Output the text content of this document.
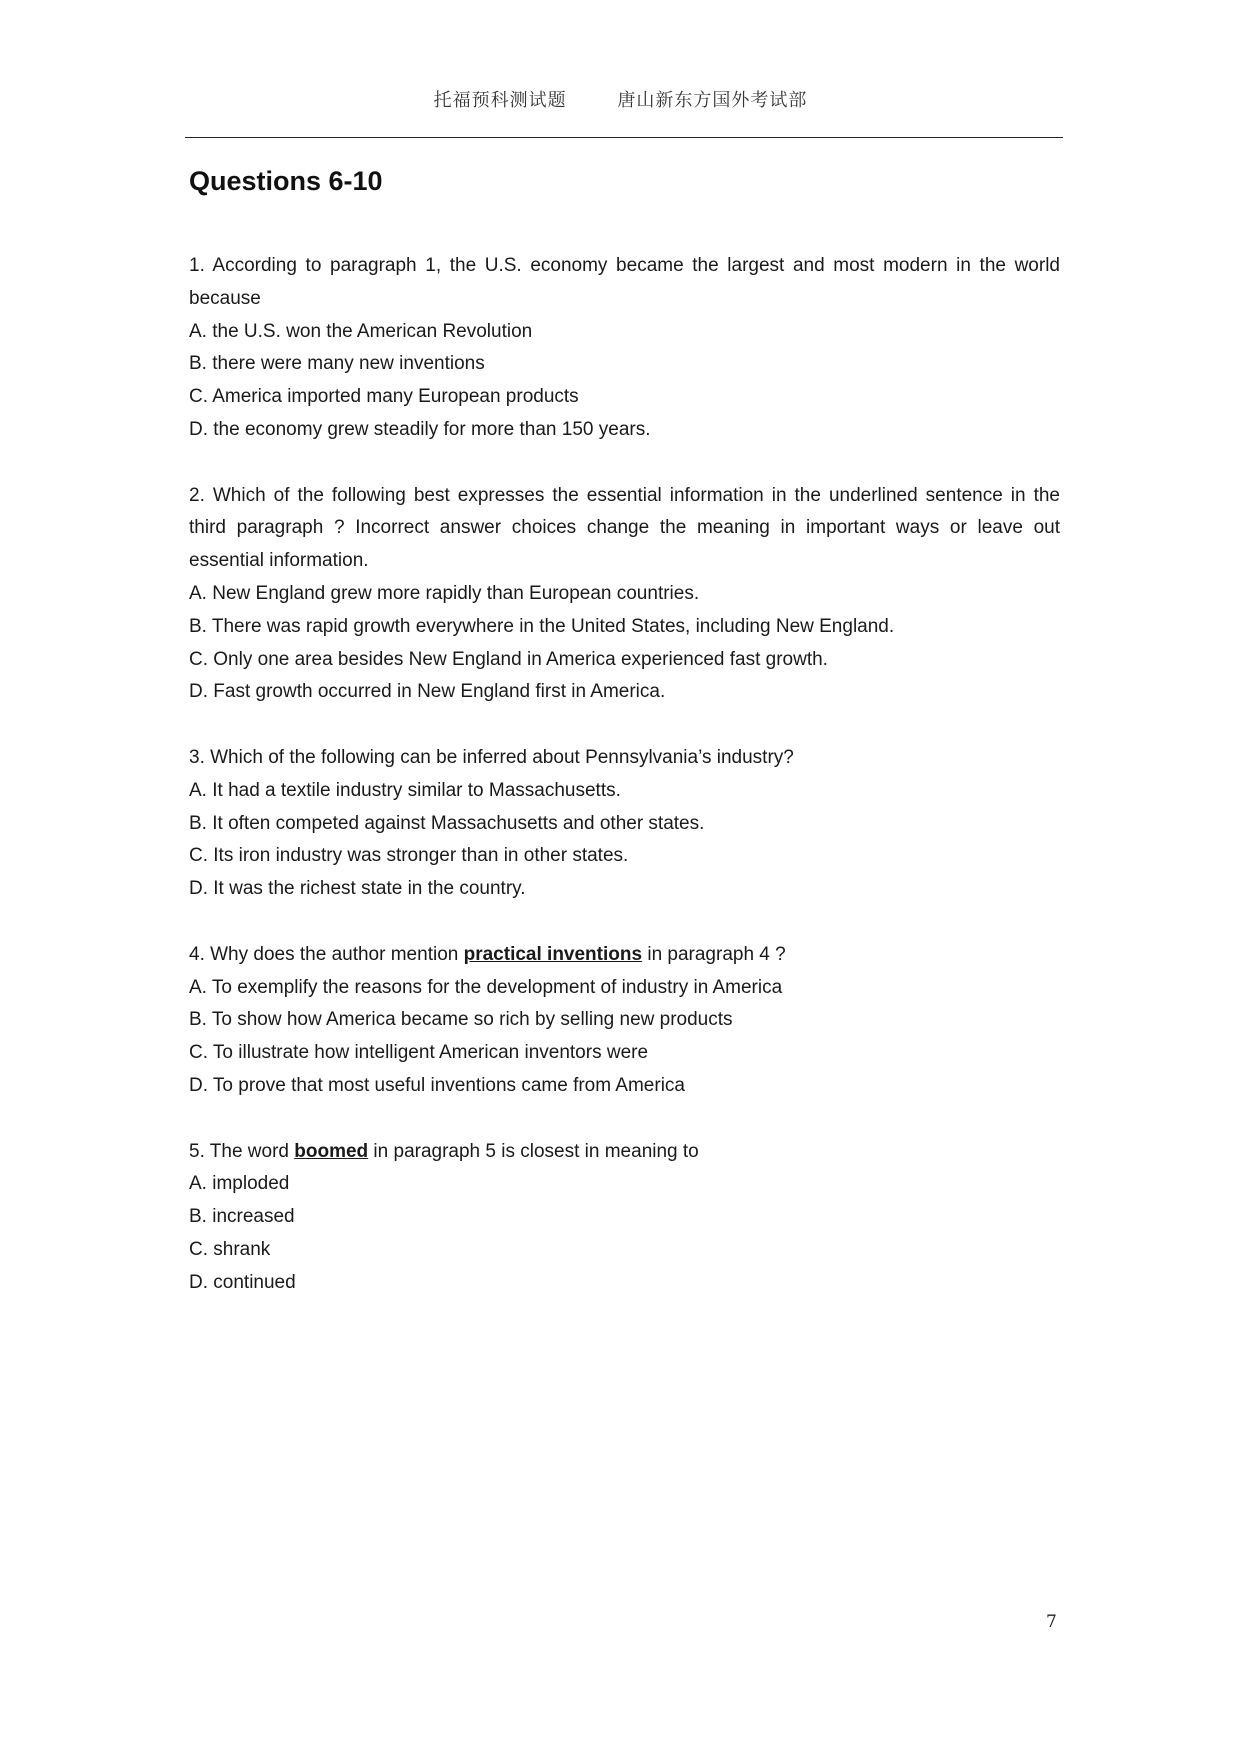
托福预科测试题	唐山新东方国外考试部
Questions 6-10

1. According to paragraph 1, the U.S. economy became the largest and most modern in the world because

A. the U.S. won the American Revolution

B. there were many new inventions

C. America imported many European products

D. the economy grew steadily for more than 150 years.

2. Which of the following best expresses the essential information in the underlined sentence in the third paragraph ? Incorrect answer choices change the meaning in important ways or leave out essential information.

A. New England grew more rapidly than European countries.

B. There was rapid growth everywhere in the United States, including New England.

C. Only one area besides New England in America experienced fast growth.

D. Fast growth occurred in New England first in America.

3. Which of the following can be inferred about Pennsylvania’s industry?

A. It had a textile industry similar to Massachusetts.

B. It often competed against Massachusetts and other states.

C. Its iron industry was stronger than in other states.

D. It was the richest state in the country.

4. Why does the author mention practical inventions in paragraph 4 ?

A. To exemplify the reasons for the development of industry in America

B. To show how America became so rich by selling new products

C. To illustrate how intelligent American inventors were

D. To prove that most useful inventions came from America

5. The word boomed in paragraph 5 is closest in meaning to

A. imploded

B. increased

C. shrank

D. continued

7
